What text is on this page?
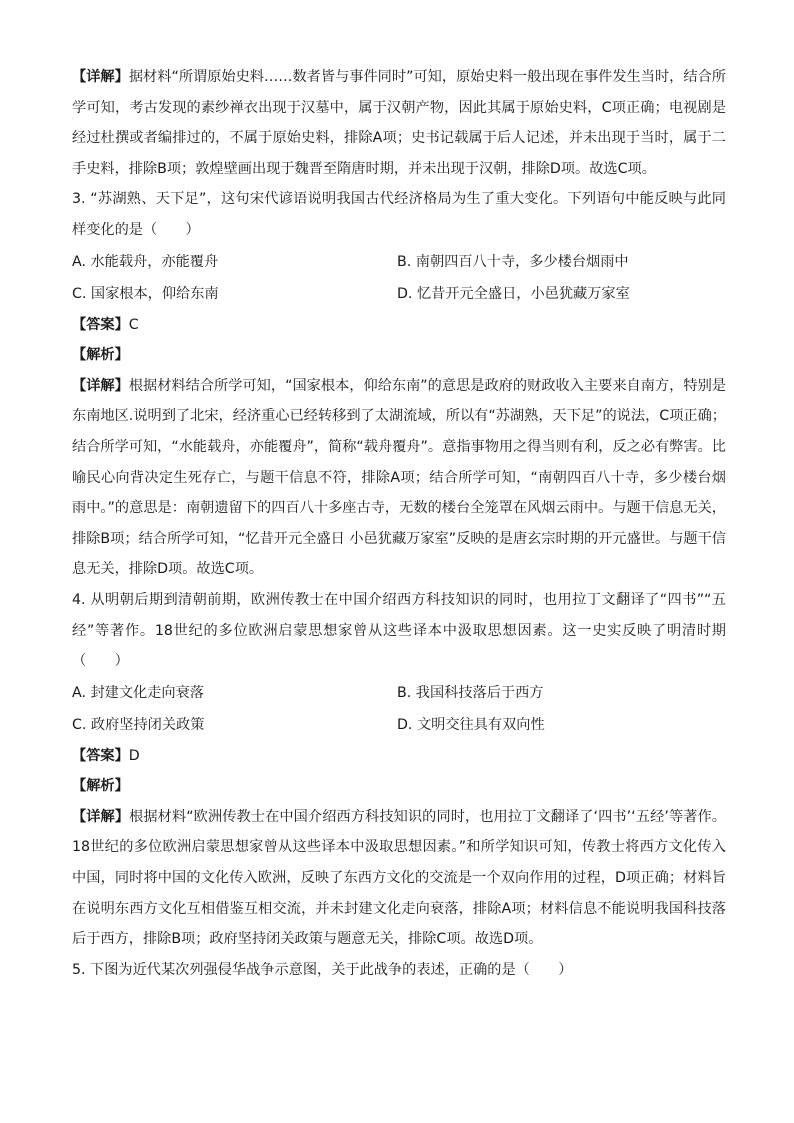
【详解】据材料“所谓原始史料……数者皆与事件同时”可知，原始史料一般出现在事件发生当时，结合所学可知，考古发现的素纱禅衣出现于汉墓中，属于汉朝产物，因此其属于原始史料，C项正确；电视剧是经过杜撰或者编排过的，不属于原始史料，排除A项；史书记载属于后人记述，并未出现于当时，属于二手史料，排除B项；敦煌壁画出现于魏晋至隋唐时期，并未出现于汉朝，排除D项。故选C项。

3. “苏湖熟、天下足”，这句宋代谚语说明我国古代经济格局为生了重大变化。下列语句中能反映与此同样变化的是（　　）

A. 水能载舟，亦能覆舟	B. 南朝四百八十寺，多少楼台烟雨中
C. 国家根本，仰给东南	D. 忆昔开元全盛日，小邑犹藏万家室

【答案】C

【解析】

【详解】根据材料结合所学可知，“国家根本，仰给东南”的意思是政府的财政收入主要来自南方，特别是东南地区.说明到了北宋，经济重心已经转移到了太湖流域，所以有“苏湖熟，天下足”的说法，C项正确；结合所学可知，“水能载舟，亦能覆舟”，简称“载舟覆舟”。意指事物用之得当则有利，反之必有弊害。比喻民心向背决定生死存亡，与题干信息不符，排除A项；结合所学可知，“南朝四百八十寺，多少楼台烟雨中。”的意思是：南朝遗留下的四百八十多座古寺，无数的楼台全笼罩在风烟云雨中。与题干信息无关，排除B项；结合所学可知，“忆昔开元全盛日 小邑犹藏万家室”反映的是唐玄宗时期的开元盛世。与题干信息无关，排除D项。故选C项。

4. 从明朝后期到清朝前期，欧洲传教士在中国介绍西方科技知识的同时，也用拉丁文翻译了“四书”“五经”等著作。18世纪的多位欧洲启蒙思想家曾从这些译本中汲取思想因素。这一史实反映了明清时期（　　）

A. 封建文化走向衰落	B. 我国科技落后于西方
C. 政府坚持闭关政策	D. 文明交往具有双向性

【答案】D

【解析】

【详解】根据材料“欧洲传教士在中国介绍西方科技知识的同时，也用拉丁文翻译了‘四书’‘五经’等著作。18世纪的多位欧洲启蒙思想家曾从这些译本中汲取思想因素。”和所学知识可知，传教士将西方文化传入中国，同时将中国的文化传入欧洲，反映了东西方文化的交流是一个双向作用的过程，D项正确；材料旨在说明东西方文化互相借鉴互相交流，并未封建文化走向衰落，排除A项；材料信息不能说明我国科技落后于西方，排除B项；政府坚持闭关政策与题意无关，排除C项。故选D项。

5. 下图为近代某次列强侵华战争示意图，关于此战争的表述，正确的是（　　）
